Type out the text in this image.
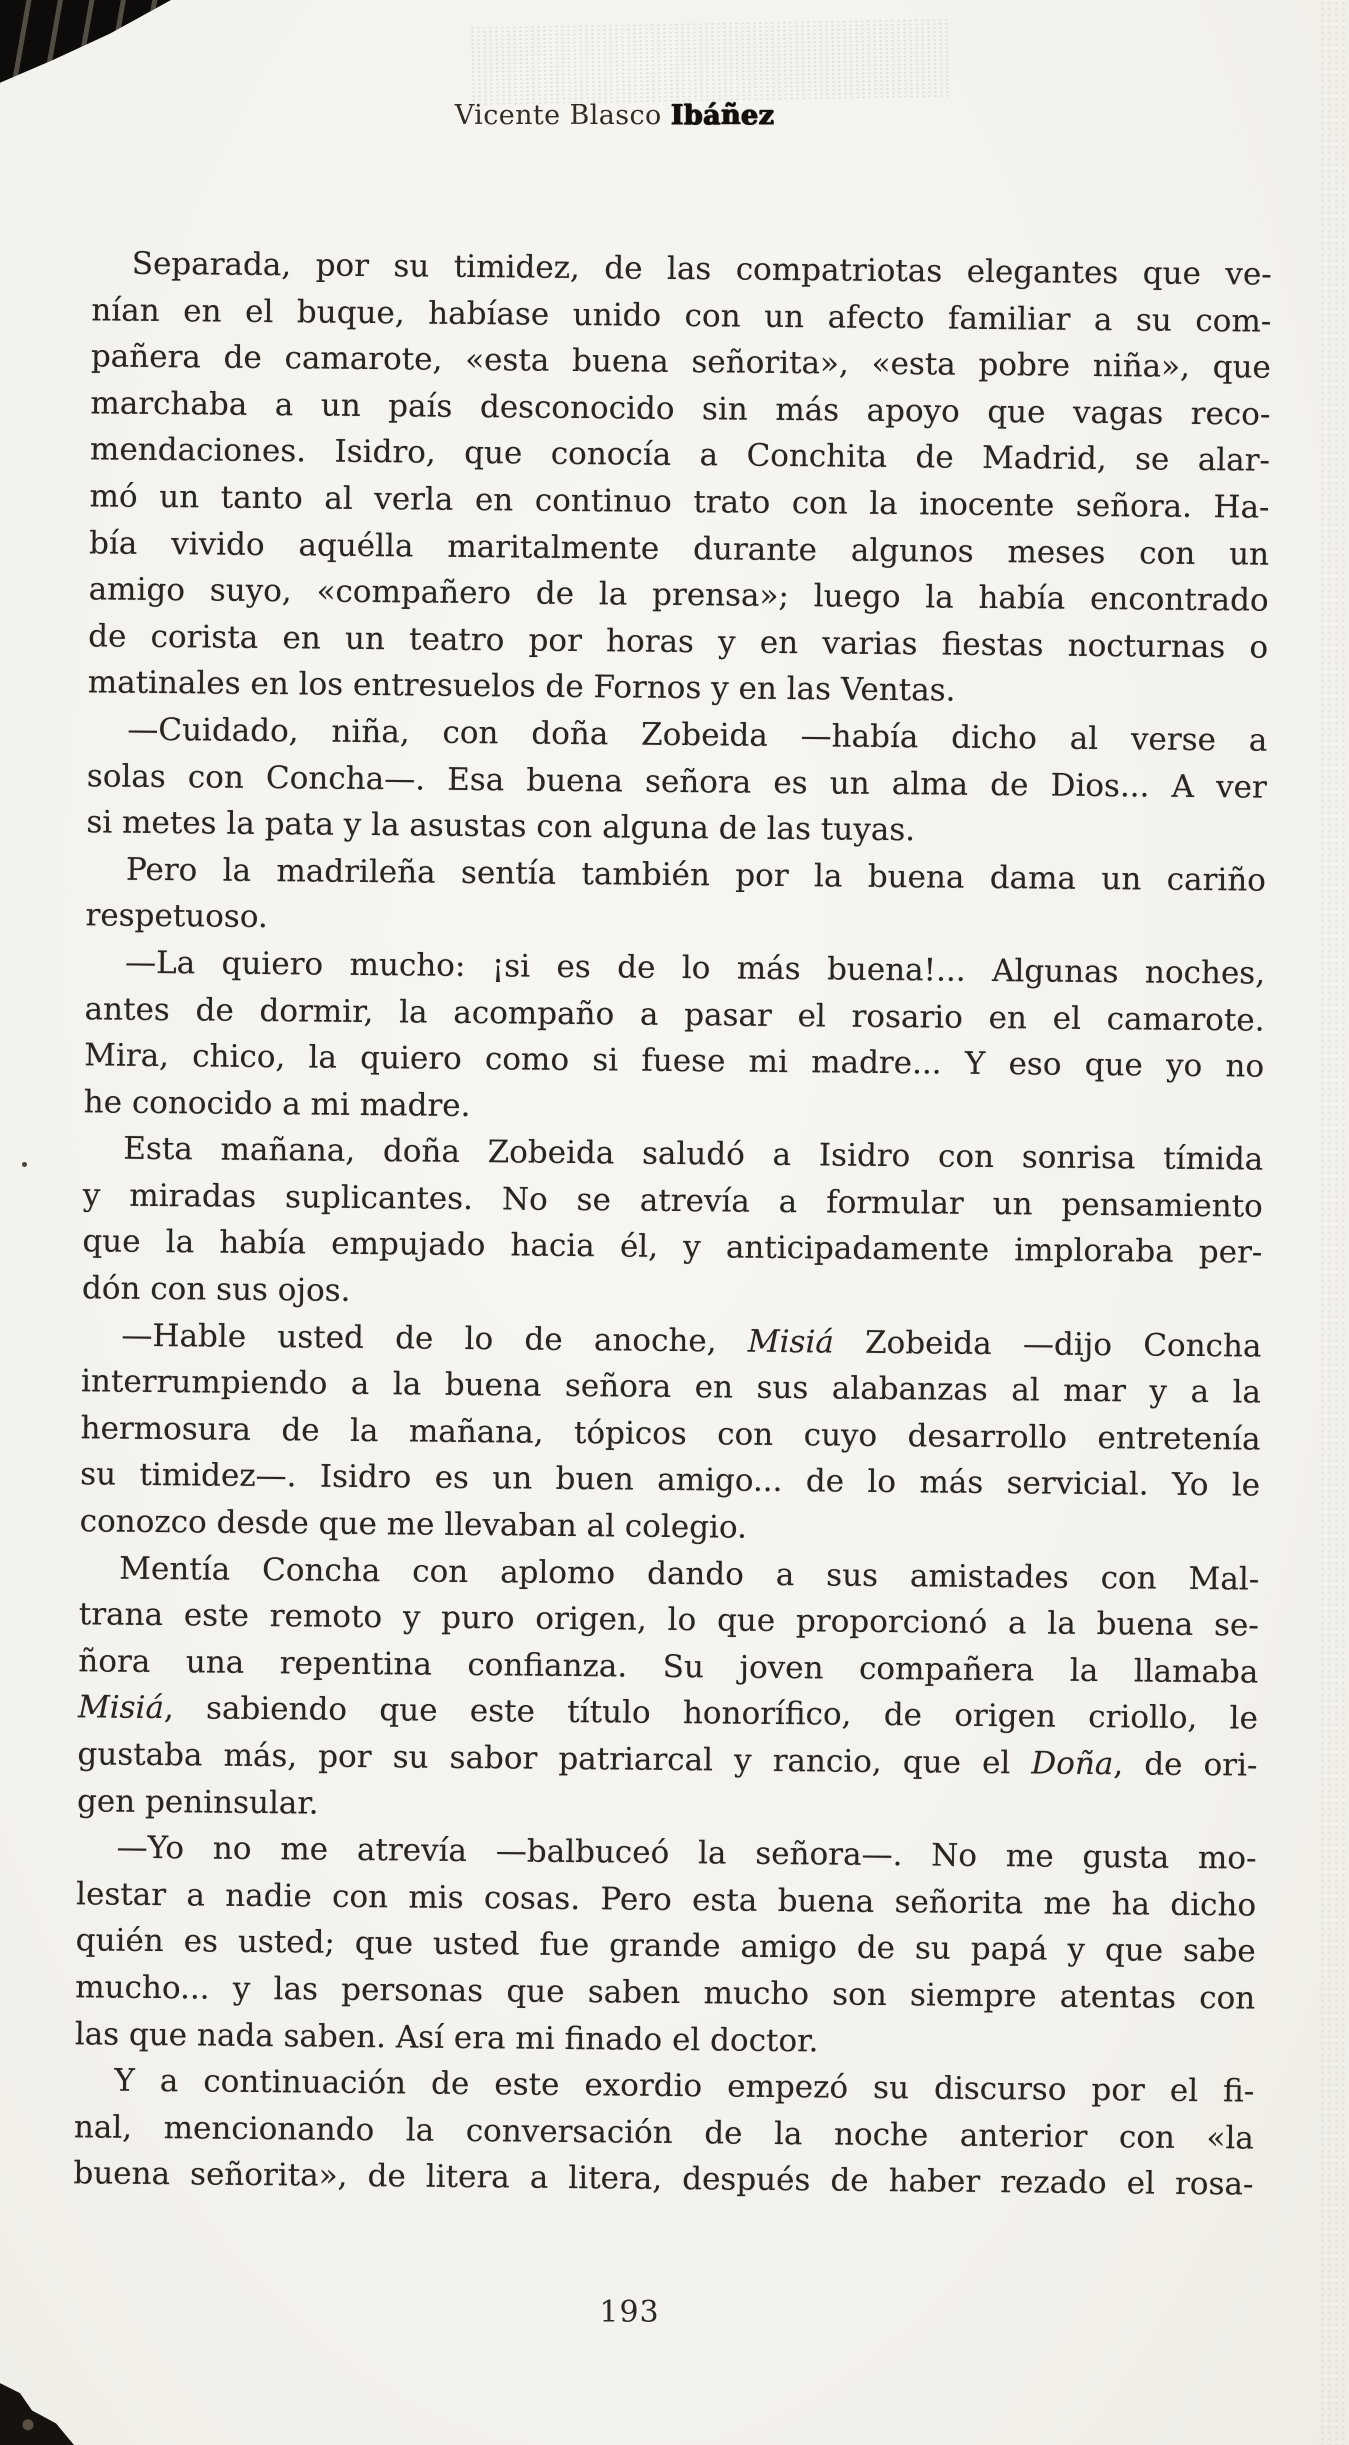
Vicente Blasco Ibáñez
Separada, por su timidez, de las compatriotas elegantes que ve-
nían en el buque, habíase unido con un afecto familiar a su com-
pañera de camarote, «esta buena señorita», «esta pobre niña», que
marchaba a un país desconocido sin más apoyo que vagas reco-
mendaciones. Isidro, que conocía a Conchita de Madrid, se alar-
mó un tanto al verla en continuo trato con la inocente señora. Ha-
bía vivido aquélla maritalmente durante algunos meses con un
amigo suyo, «compañero de la prensa»; luego la había encontrado
de corista en un teatro por horas y en varias fiestas nocturnas o
matinales en los entresuelos de Fornos y en las Ventas.
—Cuidado, niña, con doña Zobeida —había dicho al verse a
solas con Concha—. Esa buena señora es un alma de Dios... A ver
si metes la pata y la asustas con alguna de las tuyas.
Pero la madrileña sentía también por la buena dama un cariño
respetuoso.
—La quiero mucho: ¡si es de lo más buena!... Algunas noches,
antes de dormir, la acompaño a pasar el rosario en el camarote.
Mira, chico, la quiero como si fuese mi madre... Y eso que yo no
he conocido a mi madre.
Esta mañana, doña Zobeida saludó a Isidro con sonrisa tímida
y miradas suplicantes. No se atrevía a formular un pensamiento
que la había empujado hacia él, y anticipadamente imploraba per-
dón con sus ojos.
—Hable usted de lo de anoche, Misiá Zobeida —dijo Concha
interrumpiendo a la buena señora en sus alabanzas al mar y a la
hermosura de la mañana, tópicos con cuyo desarrollo entretenía
su timidez—. Isidro es un buen amigo... de lo más servicial. Yo le
conozco desde que me llevaban al colegio.
Mentía Concha con aplomo dando a sus amistades con Mal-
trana este remoto y puro origen, lo que proporcionó a la buena se-
ñora una repentina confianza. Su joven compañera la llamaba
Misiá, sabiendo que este título honorífico, de origen criollo, le
gustaba más, por su sabor patriarcal y rancio, que el Doña, de ori-
gen peninsular.
—Yo no me atrevía —balbuceó la señora—. No me gusta mo-
lestar a nadie con mis cosas. Pero esta buena señorita me ha dicho
quién es usted; que usted fue grande amigo de su papá y que sabe
mucho... y las personas que saben mucho son siempre atentas con
las que nada saben. Así era mi finado el doctor.
Y a continuación de este exordio empezó su discurso por el fi-
nal, mencionando la conversación de la noche anterior con «la
buena señorita», de litera a litera, después de haber rezado el rosa-
193
